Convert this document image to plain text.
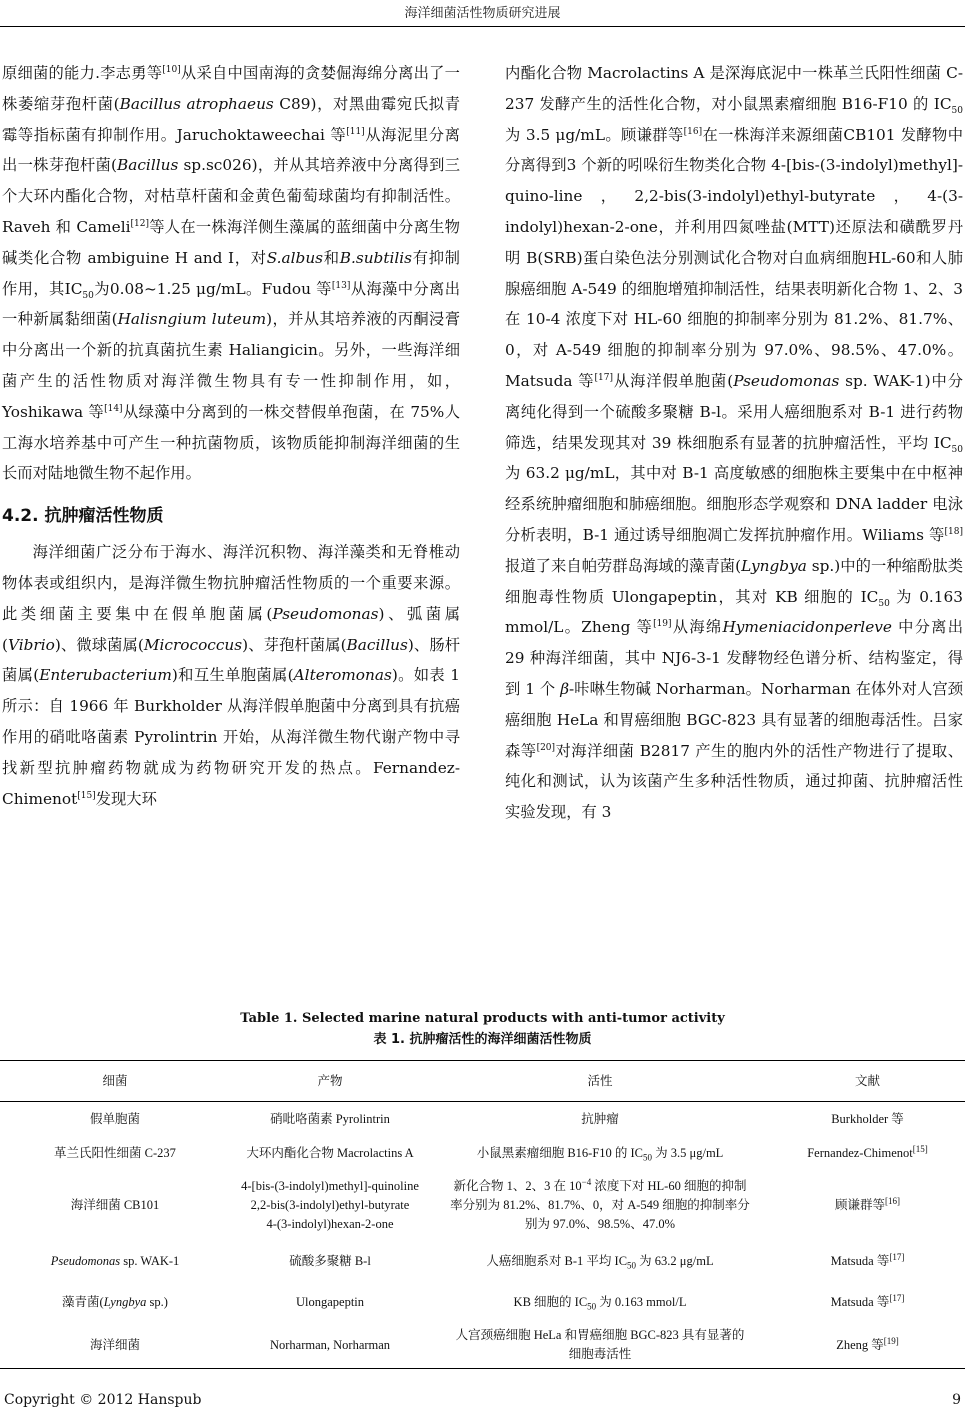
海洋细菌活性物质研究进展

原细菌的能力.李志勇等[10]从采自中国南海的贪婪倔海绵分离出了一株萎缩芽孢杆菌(Bacillus atrophaeus C89)，对黑曲霉宛氏拟青霉等指标菌有抑制作用。Jaruchoktaweechai 等[11]从海泥里分离出一株芽孢杆菌(Bacillus sp.sc026)，并从其培养液中分离得到三个大环内酯化合物，对枯草杆菌和金黄色葡萄球菌均有抑制活性。Raveh 和 Cameli[12]等人在一株海洋侧生藻属的蓝细菌中分离生物碱类化合物 ambiguine H and I，对S.albus和B.subtilis有抑制作用，其$IC_{50}$为0.08~1.25 μg/mL。Fudou 等[13]从海藻中分离出一种新属黏细菌(Halisngium luteum)，并从其培养液的丙酮浸膏中分离出一个新的抗真菌抗生素 Haliangicin。另外，一些海洋细菌产生的活性物质对海洋微生物具有专一性抑制作用，如，Yoshikawa 等[14]从绿藻中分离到的一株交替假单孢菌，在 75%人工海水培养基中可产生一种抗菌物质，该物质能抑制海洋细菌的生长而对陆地微生物不起作用。

4.2. 抗肿瘤活性物质

海洋细菌广泛分布于海水、海洋沉积物、海洋藻类和无脊椎动物体表或组织内，是海洋微生物抗肿瘤活性物质的一个重要来源。此类细菌主要集中在假单胞菌属(Pseudomonas)、弧菌属(Vibrio)、微球菌属(Micrococcus)、芽孢杆菌属(Bacillus)、肠杆菌属(Enterubacterium)和互生单胞菌属(Alteromonas)。如表 1 所示：自 1966 年 Burkholder 从海洋假单胞菌中分离到具有抗癌作用的硝吡咯菌素 Pyrolintrin 开始，从海洋微生物代谢产物中寻找新型抗肿瘤药物就成为药物研究开发的热点。Fernandez-Chimenot[15]发现大环

内酯化合物 Macrolactins A 是深海底泥中一株革兰氏阳性细菌 C-237 发酵产生的活性化合物，对小鼠黑素瘤细胞 B16-F10 的 $IC_{50}$为 3.5 μg/mL。顾谦群等[16]在一株海洋来源细菌CB101 发酵物中分离得到3 个新的吲哚衍生物类化合物 4-[bis-(3-indolyl)methyl]-quino-line，2,2-bis(3-indolyl)ethyl-butyrate，4-(3-indolyl)hexan-2-one，并利用四氮唑盐(MTT)还原法和磺酰罗丹明 B(SRB)蛋白染色法分别测试化合物对白血病细胞HL-60和人肺腺癌细胞 A-549 的细胞增殖抑制活性，结果表明新化合物 1、2、3 在 10-4 浓度下对 HL-60 细胞的抑制率分别为 81.2%、81.7%、0，对 A-549 细胞的抑制率分别为 97.0%、98.5%、47.0%。Matsuda 等[17]从海洋假单胞菌(Pseudomonas sp. WAK-1)中分离纯化得到一个硫酸多聚糖 B-l。采用人癌细胞系对 B-1 进行药物筛选，结果发现其对 39 株细胞系有显著的抗肿瘤活性，平均 $IC_{50}$为 63.2 μg/mL，其中对 B-1 高度敏感的细胞株主要集中在中枢神经系统肿瘤细胞和肺癌细胞。细胞形态学观察和 DNA ladder 电泳分析表明，B-1 通过诱导细胞凋亡发挥抗肿瘤作用。Wiliams 等[18]报道了来自帕劳群岛海域的藻青菌(Lyngbya sp.)中的一种缩酚肽类细胞毒性物质 Ulongapeptin，其对 KB 细胞的 $IC_{50}$ 为 0.163 mmol/L。Zheng 等[19]从海绵Hymeniacidonperleve 中分离出 29 种海洋细菌，其中 NJ6-3-1 发酵物经色谱分析、结构鉴定，得到 1 个 β-咔啉生物碱 Norharman。Norharman 在体外对人宫颈癌细胞 HeLa 和胃癌细胞 BGC-823 具有显著的细胞毒活性。吕家森等[20]对海洋细菌 B2817 产生的胞内外的活性产物进行了提取、纯化和测试，认为该菌产生多种活性物质，通过抑菌、抗肿瘤活性实验发现，有 3

Table 1. Selected marine natural products with anti-tumor activity
表 1. 抗肿瘤活性的海洋细菌活性物质
细菌	产物	活性	文献
假单胞菌	硝吡咯菌素 Pyrolintrin	抗肿瘤	Burkholder 等
革兰氏阳性细菌 C-237	大环内酯化合物 Macrolactins A	小鼠黑素瘤细胞 B16-F10 的 $IC_{50}$ 为 3.5 μg/mL	Fernandez-Chimenot[15]
海洋细菌 CB101	4-[bis-(3-indolyl)methyl]-quinoline
2,2-bis(3-indolyl)ethyl-butyrate
4-(3-indolyl)hexan-2-one	新化合物 1、2、3 在 $10^{-4}$ 浓度下对 HL-60 细胞的抑制率分别为 81.2%、81.7%、0，对 A-549 细胞的抑制率分别为 97.0%、98.5%、47.0%	顾谦群等[16]
Pseudomonas sp. WAK-1	硫酸多聚糖 B-l	人癌细胞系对 B-1 平均 $IC_{50}$ 为 63.2 μg/mL	Matsuda 等[17]
藻青菌(Lyngbya sp.)	Ulongapeptin	KB 细胞的 $IC_{50}$ 为 0.163 mmol/L	Matsuda 等[17]
海洋细菌	Norharman, Norharman	人宫颈癌细胞 HeLa 和胃癌细胞 BGC-823 具有显著的细胞毒活性	Zheng 等[19]
Copyright © 2012 Hanspub	9
